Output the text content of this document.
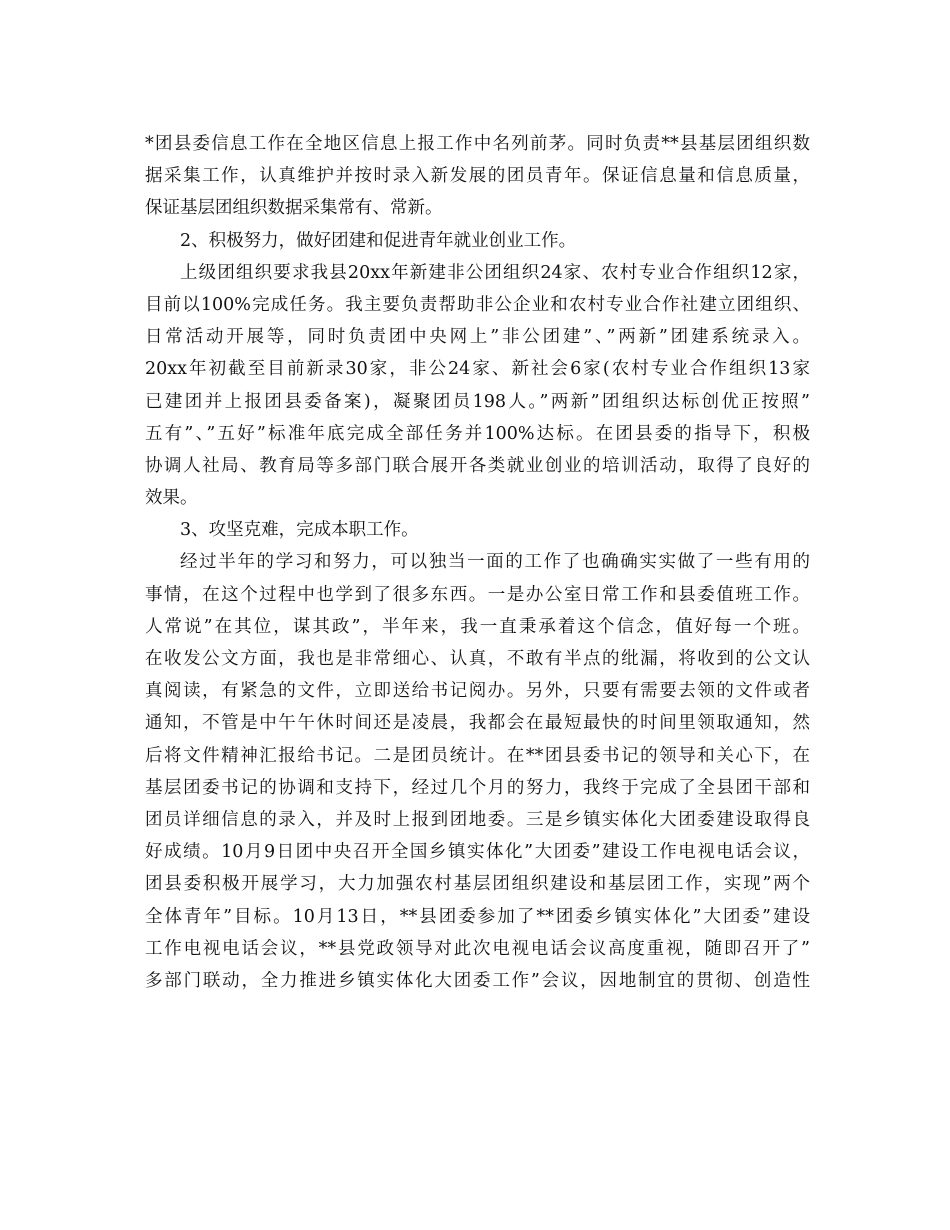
*团县委信息工作在全地区信息上报工作中名列前茅。同时负责**县基层团组织数
据采集工作，认真维护并按时录入新发展的团员青年。保证信息量和信息质量，
保证基层团组织数据采集常有、常新。
2、积极努力，做好团建和促进青年就业创业工作。
上级团组织要求我县20xx年新建非公团组织24家、农村专业合作组织12家，
目前以100%完成任务。我主要负责帮助非公企业和农村专业合作社建立团组织、
日常活动开展等，同时负责团中央网上”非公团建”、”两新”团建系统录入。
20xx年初截至目前新录30家，非公24家、新社会6家(农村专业合作组织13家
已建团并上报团县委备案)，凝聚团员198人。”两新”团组织达标创优正按照”
五有”、”五好”标准年底完成全部任务并100%达标。在团县委的指导下，积极
协调人社局、教育局等多部门联合展开各类就业创业的培训活动，取得了良好的
效果。
3、攻坚克难，完成本职工作。
经过半年的学习和努力，可以独当一面的工作了也确确实实做了一些有用的
事情，在这个过程中也学到了很多东西。一是办公室日常工作和县委值班工作。
人常说”在其位，谋其政”，半年来，我一直秉承着这个信念，值好每一个班。
在收发公文方面，我也是非常细心、认真，不敢有半点的纰漏，将收到的公文认
真阅读，有紧急的文件，立即送给书记阅办。另外，只要有需要去领的文件或者
通知，不管是中午午休时间还是凌晨，我都会在最短最快的时间里领取通知，然
后将文件精神汇报给书记。二是团员统计。在**团县委书记的领导和关心下，在
基层团委书记的协调和支持下，经过几个月的努力，我终于完成了全县团干部和
团员详细信息的录入，并及时上报到团地委。三是乡镇实体化大团委建设取得良
好成绩。10月9日团中央召开全国乡镇实体化”大团委”建设工作电视电话会议，
团县委积极开展学习，大力加强农村基层团组织建设和基层团工作，实现”两个
全体青年”目标。10月13日，**县团委参加了**团委乡镇实体化”大团委”建设
工作电视电话会议，**县党政领导对此次电视电话会议高度重视，随即召开了”
多部门联动，全力推进乡镇实体化大团委工作”会议，因地制宜的贯彻、创造性
